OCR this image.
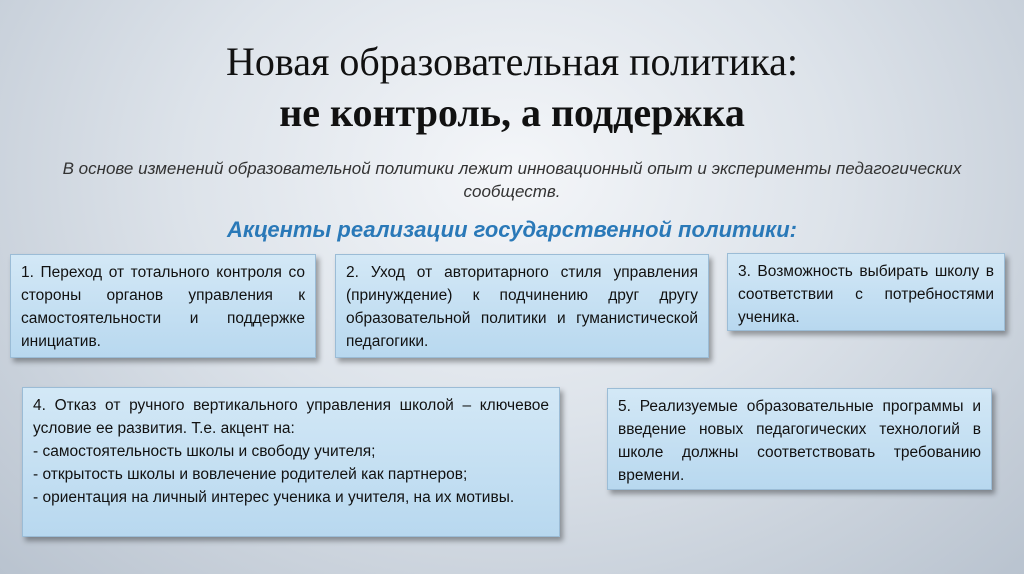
Новая образовательная политика:
не контроль, а поддержка
В основе изменений образовательной политики лежит инновационный опыт и эксперименты педагогических сообществ.
Акценты реализации государственной политики:
1. Переход от тотального контроля со стороны органов управления к самостоятельности и поддержке инициатив.
2. Уход от авторитарного стиля управления (принуждение) к подчинению друг другу образовательной политики и гуманистической педагогики.
3. Возможность выбирать школу в соответствии с потребностями ученика.
4. Отказ от ручного вертикального управления школой – ключевое условие ее развития. Т.е. акцент на:
- самостоятельность школы и свободу учителя;
- открытость школы и вовлечение родителей как партнеров;
- ориентация на личный интерес ученика и учителя, на их мотивы.
5. Реализуемые образовательные программы и введение новых педагогических технологий в школе должны соответствовать требованию времени.
